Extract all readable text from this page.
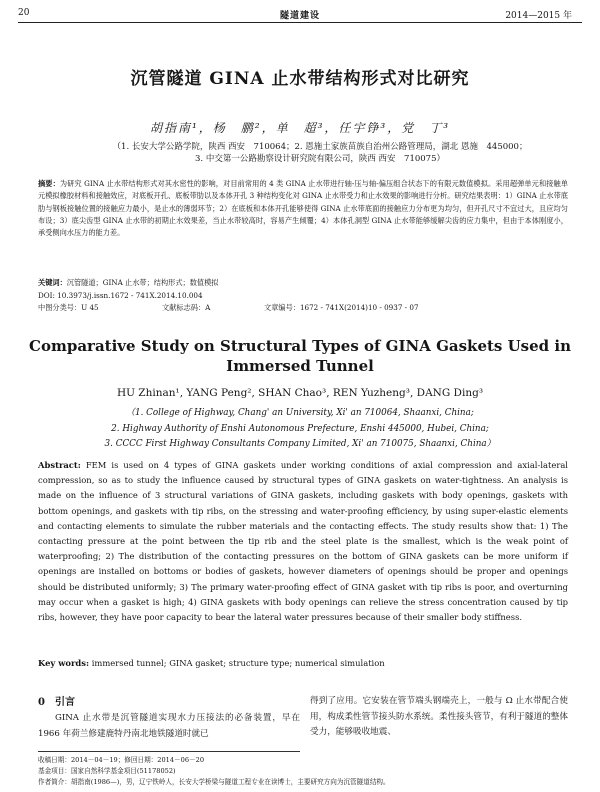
20	隧道建设	2014—2015 年
沉管隧道 GINA 止水带结构形式对比研究
胡指南¹，杨　鹏²，单　超³，任宇铮³，党　丁³
（1. 长安大学公路学院，陕西 西安　710064；2. 恩施土家族苗族自治州公路管理局，湖北 恩施　445000；
3. 中交第一公路勘察设计研究院有限公司，陕西 西安　710075）
摘要：为研究 GINA 止水带结构形式对其水密性的影响，对目前常用的 4 类 GINA 止水带进行轴-压与轴-偏压组合状态下的有限元数值模拟。采用超弹单元和接触单元模拟橡胶材料和接触效应，对底板开孔、底板带肋以及本体开孔 3 种结构变化对 GINA 止水带受力和止水效果的影响进行分析。研究结果表明：1）GINA 止水带底肋与钢板接触位置的接触应力最小，是止水的薄弱环节；2）在底板和本体开孔能够使得 GINA 止水带底面的接触应力分布更为均匀，但开孔尺寸不宜过大，且应均匀布设；3）底尖齿型 GINA 止水带的初期止水效果差，当止水带较高时，容易产生倾覆；4）本体孔洞型 GINA 止水带能够缓解尖齿的应力集中，但由于本体刚度小，承受侧向水压力的能力差。
关键词：沉管隧道；GINA 止水带；结构形式；数值模拟
DOI: 10.3973/j.issn.1672 - 741X.2014.10.004
中图分类号：U 45	文献标志码：A	文章编号：1672 - 741X(2014)10 - 0937 - 07
Comparative Study on Structural Types of GINA Gaskets Used in
Immersed Tunnel
HU Zhinan¹, YANG Peng², SHAN Chao³, REN Yuzheng³, DANG Ding³
（1. College of Highway, Chang' an University, Xi' an 710064, Shaanxi, China;
2. Highway Authority of Enshi Autonomous Prefecture, Enshi 445000, Hubei, China;
3. CCCC First Highway Consultants Company Limited, Xi' an 710075, Shaanxi, China）
Abstract: FEM is used on 4 types of GINA gaskets under working conditions of axial compression and axial-lateral compression, so as to study the influence caused by structural types of GINA gaskets on water-tightness. An analysis is made on the influence of 3 structural variations of GINA gaskets, including gaskets with body openings, gaskets with bottom openings, and gaskets with tip ribs, on the stressing and water-proofing efficiency, by using super-elastic elements and contacting elements to simulate the rubber materials and the contacting effects. The study results show that: 1) The contacting pressure at the point between the tip rib and the steel plate is the smallest, which is the weak point of waterproofing; 2) The distribution of the contacting pressures on the bottom of GINA gaskets can be more uniform if openings are installed on bottoms or bodies of gaskets, however diameters of openings should be proper and openings should be distributed uniformly; 3) The primary water-proofing effect of GINA gasket with tip ribs is poor, and overturning may occur when a gasket is high; 4) GINA gaskets with body openings can relieve the stress concentration caused by tip ribs, however, they have poor capacity to bear the lateral water pressures because of their smaller body stiffness.
Key words: immersed tunnel; GINA gasket; structure type; numerical simulation
0　引言
GINA 止水带是沉管隧道实现水力压接法的必备装置，早在 1966 年荷兰修建鹿特丹南北地铁隧道时就已
得到了应用。它安装在管节端头钢端壳上，一般与 Ω 止水带配合使用，构成柔性管节接头防水系统。柔性接头管节，有利于隧道的整体受力，能够吸收地震、
收稿日期：2014－04－19；修回日期：2014－06－20
基金项目：国家自然科学基金项目(51178052)
作者简介：胡指南(1986—)，男，辽宁铁岭人，长安大学桥梁与隧道工程专业在读博士，主要研究方向为沉管隧道结构。
